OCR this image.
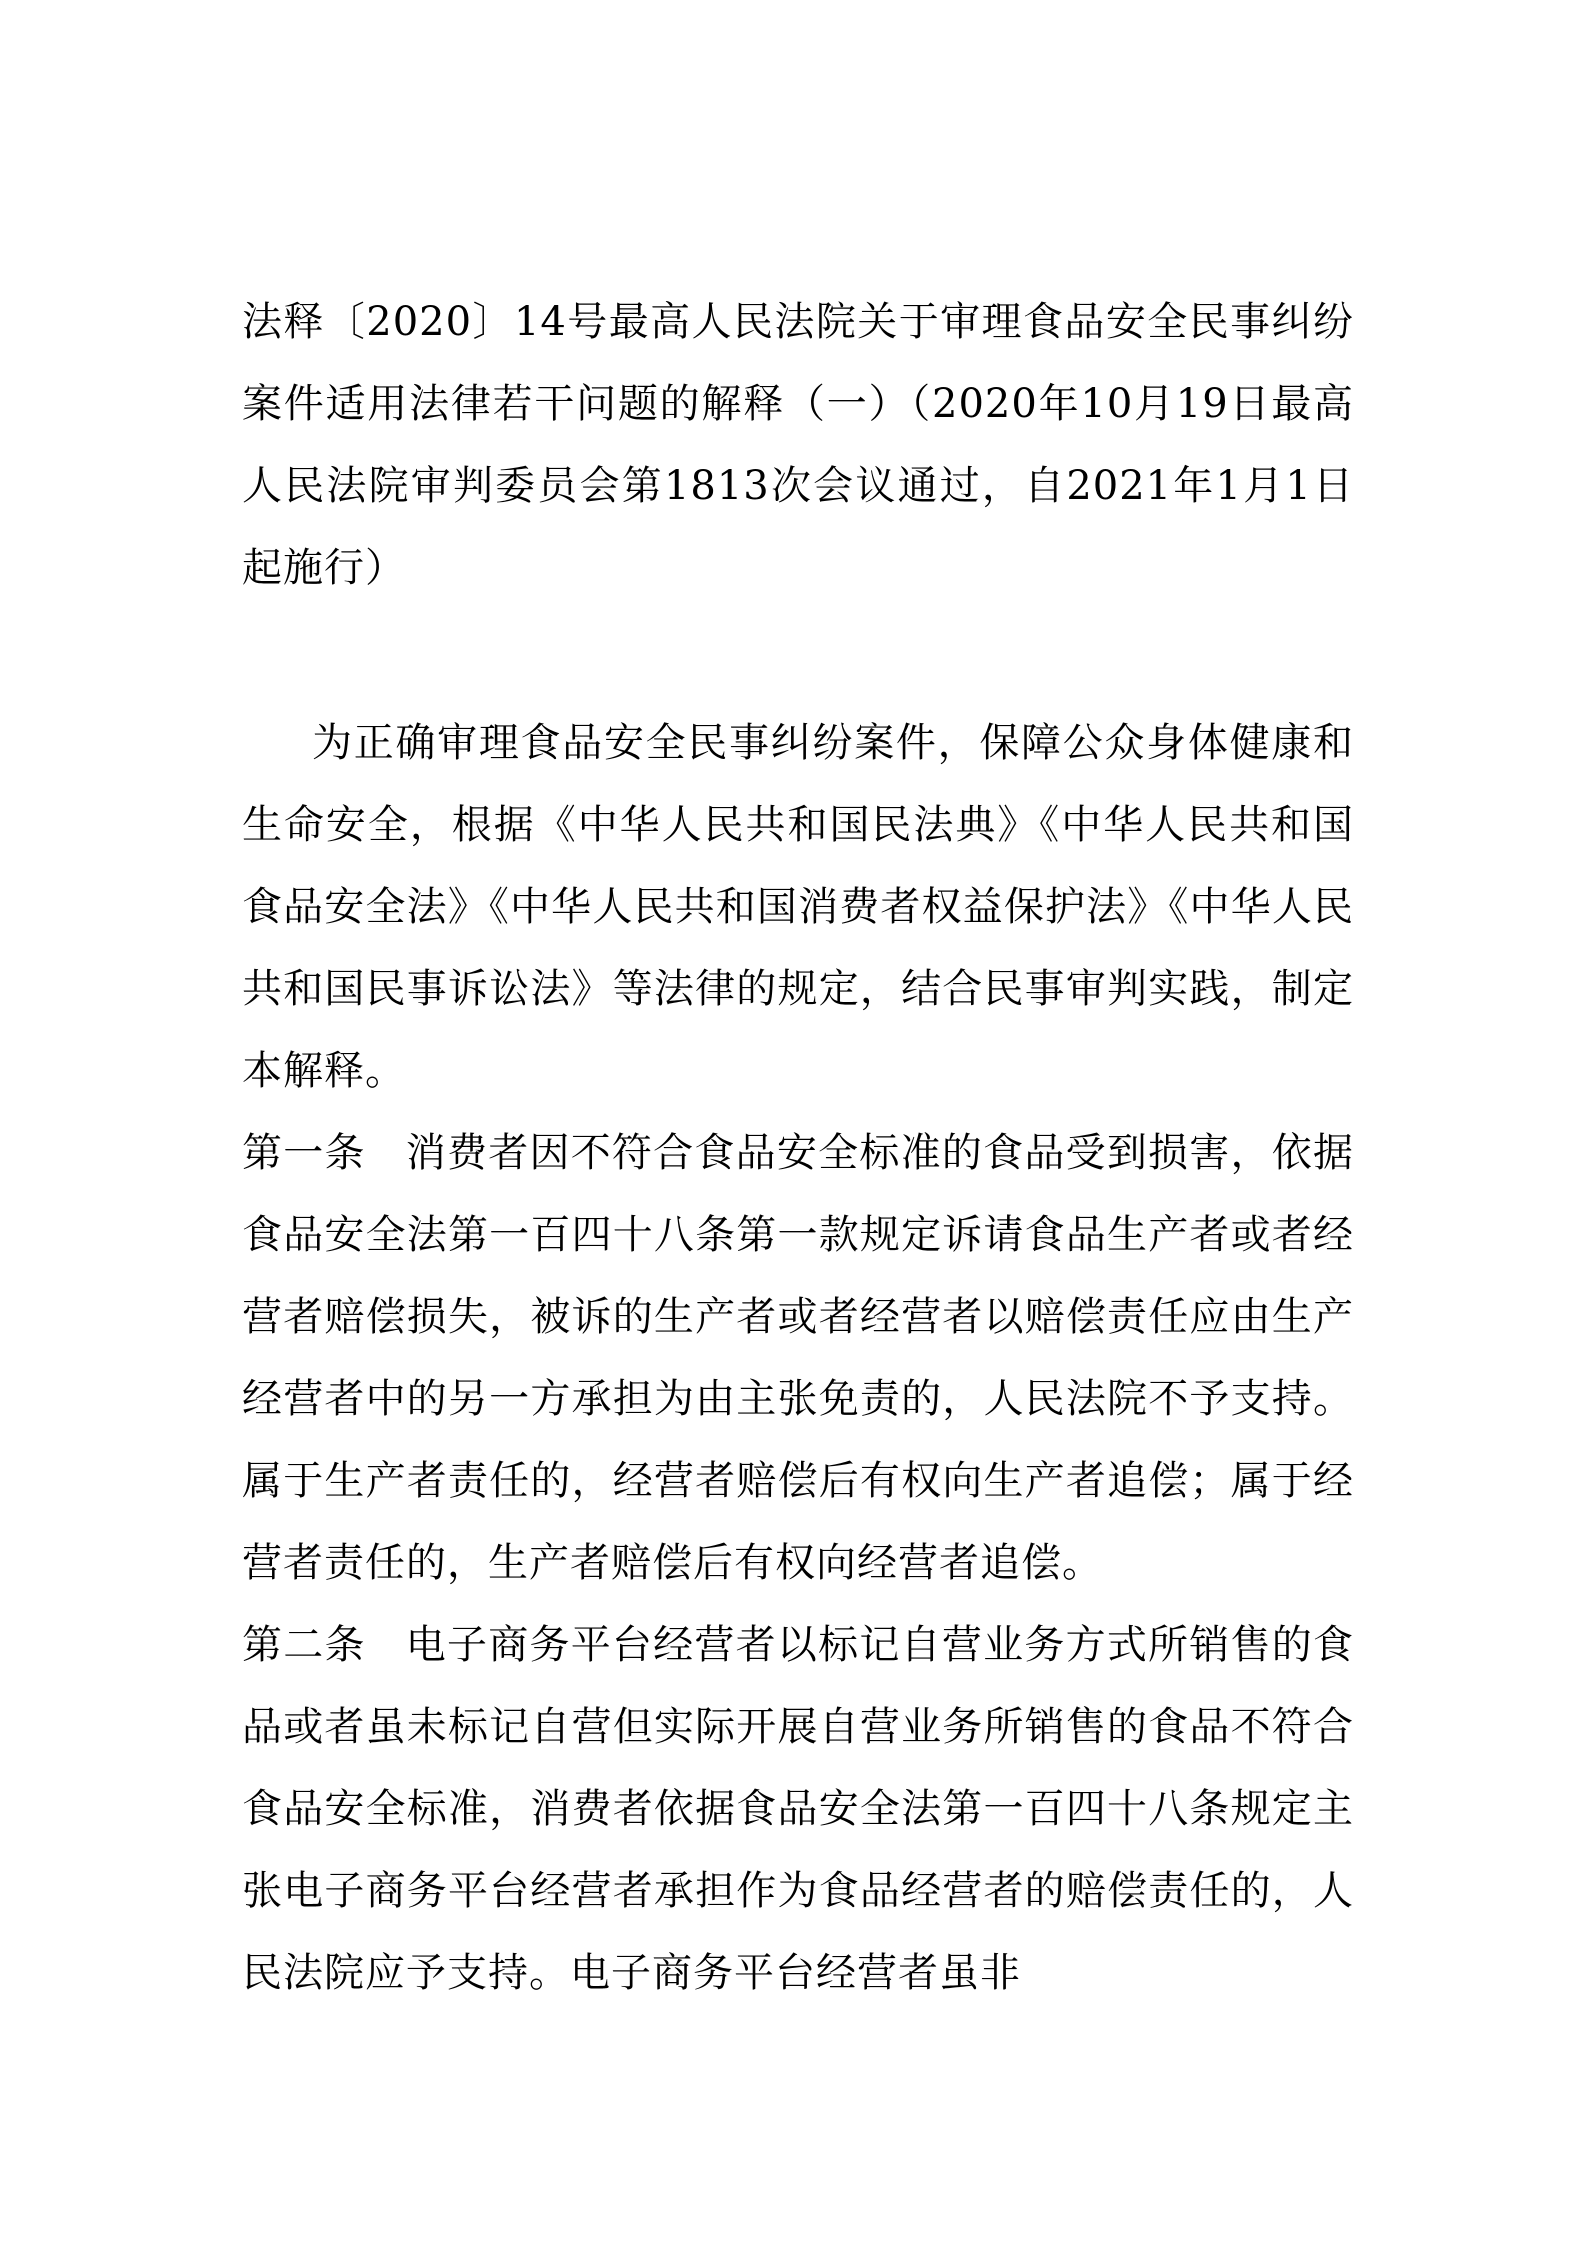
法释〔2020〕14号最高人民法院关于审理食品安全民事纠纷案件适用法律若干问题的解释（一）（2020年10月19日最高人民法院审判委员会第1813次会议通过，自2021年1月1日起施行）

为正确审理食品安全民事纠纷案件，保障公众身体健康和生命安全，根据《中华人民共和国民法典》《中华人民共和国食品安全法》《中华人民共和国消费者权益保护法》《中华人民共和国民事诉讼法》等法律的规定，结合民事审判实践，制定本解释。

第一条 消费者因不符合食品安全标准的食品受到损害，依据食品安全法第一百四十八条第一款规定诉请食品生产者或者经营者赔偿损失，被诉的生产者或者经营者以赔偿责任应由生产经营者中的另一方承担为由主张免责的，人民法院不予支持。属于生产者责任的，经营者赔偿后有权向生产者追偿；属于经营者责任的，生产者赔偿后有权向经营者追偿。

第二条 电子商务平台经营者以标记自营业务方式所销售的食品或者虽未标记自营但实际开展自营业务所销售的食品不符合食品安全标准，消费者依据食品安全法第一百四十八条规定主张电子商务平台经营者承担作为食品经营者的赔偿责任的，人民法院应予支持。电子商务平台经营者虽非
